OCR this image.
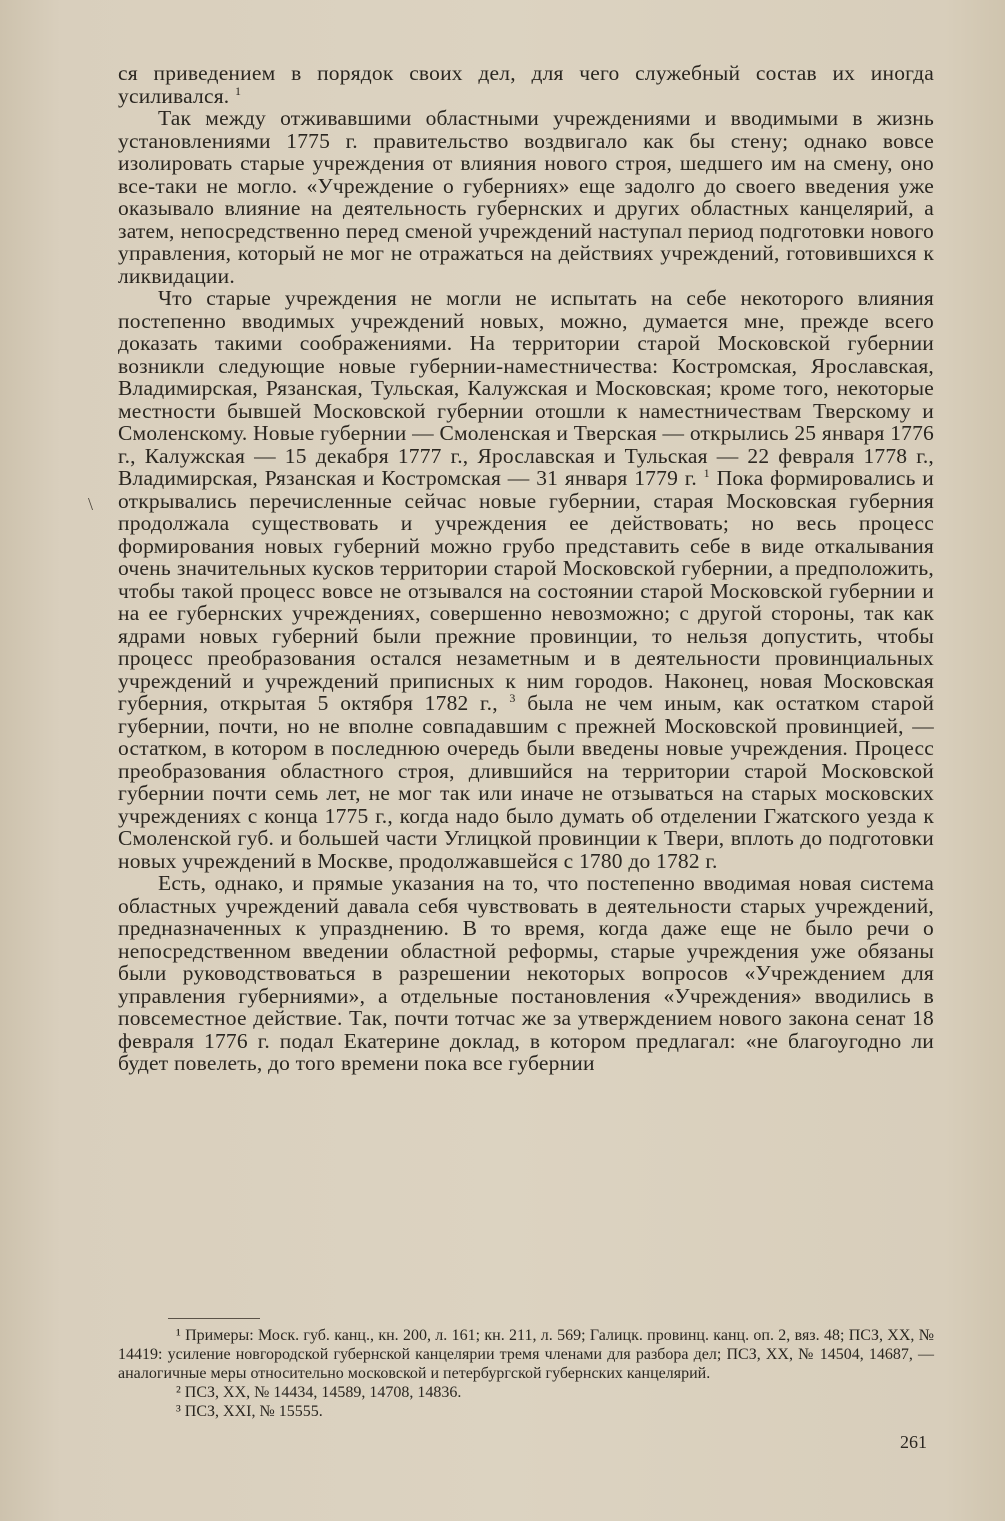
\

ся приведением в порядок своих дел, для чего служебный состав их иногда усиливался. $^1$

Так между отживавшими областными учреждениями и вводимыми в жизнь установлениями 1775 г. правительство воздвигало как бы стену; однако вовсе изолировать старые учреждения от влияния нового строя, шедшего им на смену, оно все-таки не могло. «Учреждение о губерниях» еще задолго до своего введения уже оказывало влияние на деятельность губернских и других областных канцелярий, а затем, непосредственно перед сменой учреждений наступал период подготовки нового управления, который не мог не отражаться на действиях учреждений, готовившихся к ликвидации.

Что старые учреждения не могли не испытать на себе некоторого влияния постепенно вводимых учреждений новых, можно, думается мне, прежде всего доказать такими соображениями. На территории старой Московской губернии возникли следующие новые губернии-наместничества: Костромская, Ярославская, Владимирская, Рязанская, Тульская, Калужская и Московская; кроме того, некоторые местности бывшей Московской губернии отошли к наместничествам Тверскому и Смоленскому. Новые губернии — Смоленская и Тверская — открылись 25 января 1776 г., Калужская — 15 декабря 1777 г., Ярославская и Тульская — 22 февраля 1778 г., Владимирская, Рязанская и Костромская — 31 января 1779 г. $^1$ Пока формировались и открывались перечисленные сейчас новые губернии, старая Московская губерния продолжала существовать и учреждения ее действовать; но весь процесс формирования новых губерний можно грубо представить себе в виде откалывания очень значительных кусков территории старой Московской губернии, а предположить, чтобы такой процесс вовсе не отзывался на состоянии старой Московской губернии и на ее губернских учреждениях, совершенно невозможно; с другой стороны, так как ядрами новых губерний были прежние провинции, то нельзя допустить, чтобы процесс преобразования остался незаметным и в деятельности провинциальных учреждений и учреждений приписных к ним городов. Наконец, новая Московская губерния, открытая 5 октября 1782 г., $^3$ была не чем иным, как остатком старой губернии, почти, но не вполне совпадавшим с прежней Московской провинцией, — остатком, в котором в последнюю очередь были введены новые учреждения. Процесс преобразования областного строя, длившийся на территории старой Московской губернии почти семь лет, не мог так или иначе не отзываться на старых московских учреждениях с конца 1775 г., когда надо было думать об отделении Гжатского уезда к Смоленской губ. и большей части Углицкой провинции к Твери, вплоть до подготовки новых учреждений в Москве, продолжавшейся с 1780 до 1782 г.

Есть, однако, и прямые указания на то, что постепенно вводимая новая система областных учреждений давала себя чувствовать в деятельности старых учреждений, предназначенных к упразднению. В то время, когда даже еще не было речи о непосредственном введении областной реформы, старые учреждения уже обязаны были руководствоваться в разрешении некоторых вопросов «Учреждением для управления губерниями», а отдельные постановления «Учреждения» вводились в повсеместное действие. Так, почти тотчас же за утверждением нового закона сенат 18 февраля 1776 г. подал Екатерине доклад, в котором предлагал: «не благоугодно ли будет повелеть, до того времени пока все губернии

¹ Примеры: Моск. губ. канц., кн. 200, л. 161; кн. 211, л. 569; Галицк. провинц. канц. оп. 2, вяз. 48; ПСЗ, XX, № 14419: усиление новгородской губернской канцелярии тремя членами для разбора дел; ПСЗ, XX, № 14504, 14687, — аналогичные меры относительно московской и петербургской губернских канцелярий.

² ПСЗ, XX, № 14434, 14589, 14708, 14836.

³ ПСЗ, XXI, № 15555.

261
